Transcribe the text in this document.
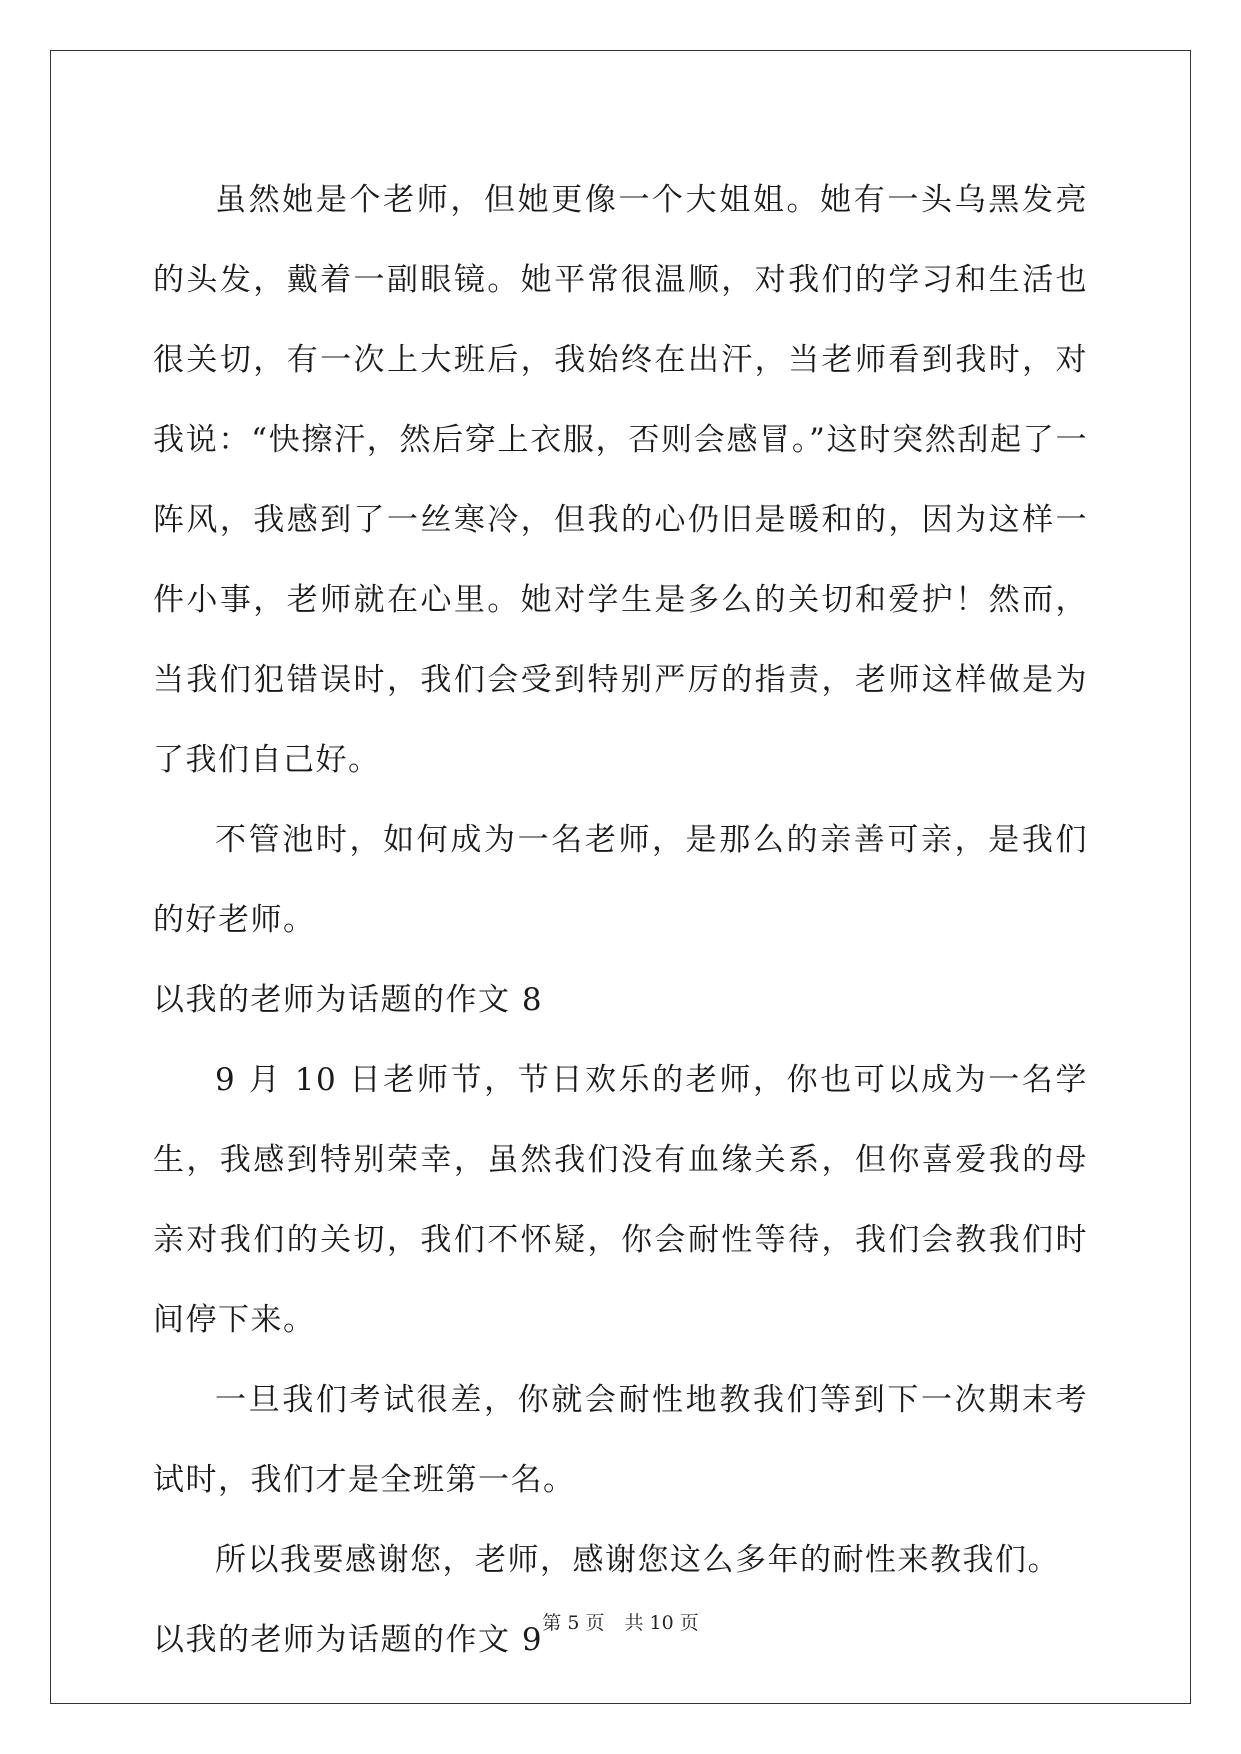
虽然她是个老师，但她更像一个大姐姐。她有一头乌黑发亮的头发，戴着一副眼镜。她平常很温顺，对我们的学习和生活也很关切，有一次上大班后，我始终在出汗，当老师看到我时，对我说：“快擦汗，然后穿上衣服，否则会感冒。”这时突然刮起了一阵风，我感到了一丝寒冷，但我的心仍旧是暖和的，因为这样一件小事，老师就在心里。她对学生是多么的关切和爱护！然而，当我们犯错误时，我们会受到特别严厉的指责，老师这样做是为了我们自己好。

不管池时，如何成为一名老师，是那么的亲善可亲，是我们的好老师。

以我的老师为话题的作文 8

9 月 10 日老师节，节日欢乐的老师，你也可以成为一名学生，我感到特别荣幸，虽然我们没有血缘关系，但你喜爱我的母亲对我们的关切，我们不怀疑，你会耐性等待，我们会教我们时间停下来。

一旦我们考试很差，你就会耐性地教我们等到下一次期末考试时，我们才是全班第一名。

所以我要感谢您，老师，感谢您这么多年的耐性来教我们。

以我的老师为话题的作文 9 第 5 页 共 10 页
